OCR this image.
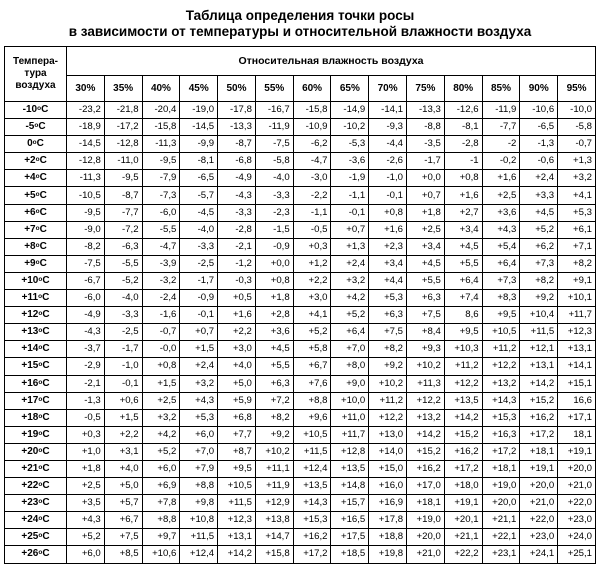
Таблица определения точки росы
в зависимости от температуры и относительной влажности воздуха
Темпера-
тура
воздуха	Относительная влажность воздуха													
	30%	35%	40%	45%	50%	55%	60%	65%	70%	75%	80%	85%	90%	95%
-10$^o$C	-23,2	-21,8	-20,4	-19,0	-17,8	-16,7	-15,8	-14,9	-14,1	-13,3	-12,6	-11,9	-10,6	-10,0
-5$^o$C	-18,9	-17,2	-15,8	-14,5	-13,3	-11,9	-10,9	-10,2	-9,3	-8,8	-8,1	-7,7	-6,5	-5,8
0$^o$C	-14,5	-12,8	-11,3	-9,9	-8,7	-7,5	-6,2	-5,3	-4,4	-3,5	-2,8	-2	-1,3	-0,7
$+2^oC$	-12,8	-11,0	-9,5	-8,1	-6,8	-5,8	-4,7	-3,6	-2,6	-1,7	-1	-0,2	-0,6	+1,3
$+4^oC$	-11,3	-9,5	-7,9	-6,5	-4,9	-4,0	-3,0	-1,9	-1,0	+0,0	+0,8	+1,6	+2,4	+3,2
$+5^oC$	-10,5	-8,7	-7,3	-5,7	-4,3	-3,3	-2,2	-1,1	-0,1	+0,7	+1,6	+2,5	+3,3	+4,1
$+6^oC$	-9,5	-7,7	-6,0	-4,5	-3,3	-2,3	-1,1	-0,1	+0,8	+1,8	+2,7	+3,6	+4,5	+5,3
$+7^oC$	-9,0	-7,2	-5,5	-4,0	-2,8	-1,5	-0,5	+0,7	+1,6	+2,5	+3,4	+4,3	+5,2	+6,1
$+8^oC$	-8,2	-6,3	-4,7	-3,3	-2,1	-0,9	+0,3	+1,3	+2,3	+3,4	+4,5	+5,4	+6,2	+7,1
$+9^oC$	-7,5	-5,5	-3,9	-2,5	-1,2	+0,0	+1,2	+2,4	+3,4	+4,5	+5,5	+6,4	+7,3	+8,2
$+10^oC$	-6,7	-5,2	-3,2	-1,7	-0,3	+0,8	+2,2	+3,2	+4,4	+5,5	+6,4	+7,3	+8,2	+9,1
$+11^oC$	-6,0	-4,0	-2,4	-0,9	+0,5	+1,8	+3,0	+4,2	+5,3	+6,3	+7,4	+8,3	+9,2	+10,1
$+12^oC$	-4,9	-3,3	-1,6	-0,1	+1,6	+2,8	+4,1	+5,2	+6,3	+7,5	8,6	+9,5	+10,4	+11,7
$+13^oC$	-4,3	-2,5	-0,7	+0,7	+2,2	+3,6	+5,2	+6,4	+7,5	+8,4	+9,5	+10,5	+11,5	+12,3
$+14^oC$	-3,7	-1,7	-0,0	+1,5	+3,0	+4,5	+5,8	+7,0	+8,2	+9,3	+10,3	+11,2	+12,1	+13,1
$+15^oC$	-2,9	-1,0	+0,8	+2,4	+4,0	+5,5	+6,7	+8,0	+9,2	+10,2	+11,2	+12,2	+13,1	+14,1
$+16^oC$	-2,1	-0,1	+1,5	+3,2	+5,0	+6,3	+7,6	+9,0	+10,2	+11,3	+12,2	+13,2	+14,2	+15,1
$+17^oC$	-1,3	+0,6	+2,5	+4,3	+5,9	+7,2	+8,8	+10,0	+11,2	+12,2	+13,5	+14,3	+15,2	16,6
$+18^oC$	-0,5	+1,5	+3,2	+5,3	+6,8	+8,2	+9,6	+11,0	+12,2	+13,2	+14,2	+15,3	+16,2	+17,1
$+19^oC$	+0,3	+2,2	+4,2	+6,0	+7,7	+9,2	+10,5	+11,7	+13,0	+14,2	+15,2	+16,3	+17,2	18,1
$+20^oC$	+1,0	+3,1	+5,2	+7,0	+8,7	+10,2	+11,5	+12,8	+14,0	+15,2	+16,2	+17,2	+18,1	+19,1
$+21^oC$	+1,8	+4,0	+6,0	+7,9	+9,5	+11,1	+12,4	+13,5	+15,0	+16,2	+17,2	+18,1	+19,1	+20,0
$+22^oC$	+2,5	+5,0	+6,9	+8,8	+10,5	+11,9	+13,5	+14,8	+16,0	+17,0	+18,0	+19,0	+20,0	+21,0
$+23^oC$	+3,5	+5,7	+7,8	+9,8	+11,5	+12,9	+14,3	+15,7	+16,9	+18,1	+19,1	+20,0	+21,0	+22,0
$+24^oC$	+4,3	+6,7	+8,8	+10,8	+12,3	+13,8	+15,3	+16,5	+17,8	+19,0	+20,1	+21,1	+22,0	+23,0
$+25^oC$	+5,2	+7,5	+9,7	+11,5	+13,1	+14,7	+16,2	+17,5	+18,8	+20,0	+21,1	+22,1	+23,0	+24,0
$+26^oC$	+6,0	+8,5	+10,6	+12,4	+14,2	+15,8	+17,2	+18,5	+19,8	+21,0	+22,2	+23,1	+24,1	+25,1
